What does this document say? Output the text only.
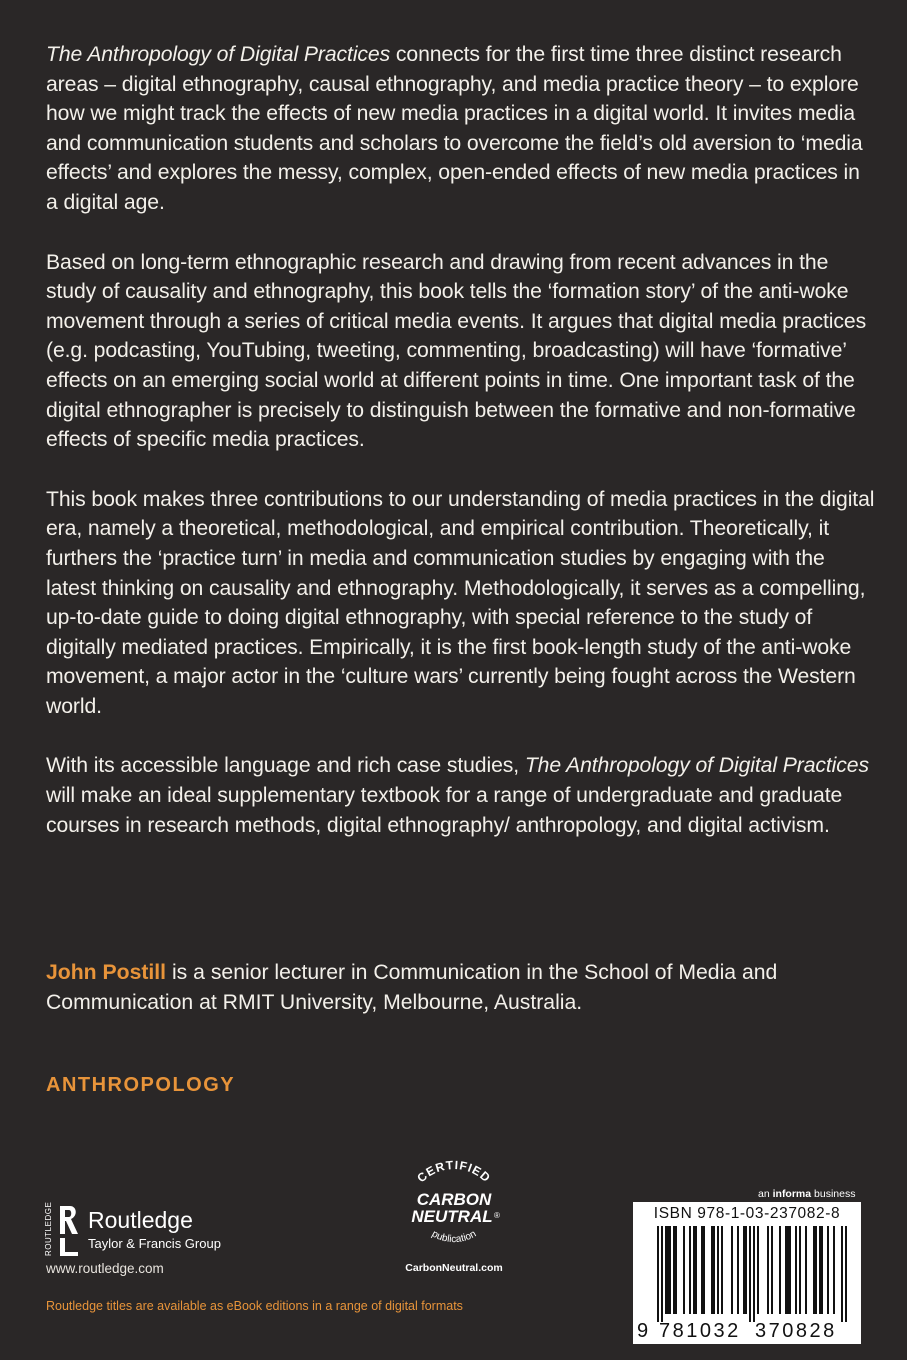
The Anthropology of Digital Practices connects for the first time three distinct research areas – digital ethnography, causal ethnography, and media practice theory – to explore how we might track the effects of new media practices in a digital world. It invites media and communication students and scholars to overcome the field’s old aversion to ‘media effects’ and explores the messy, complex, open-ended effects of new media practices in a digital age.

Based on long-term ethnographic research and drawing from recent advances in the study of causality and ethnography, this book tells the ‘formation story’ of the anti-woke movement through a series of critical media events. It argues that digital media practices (e.g. podcasting, YouTubing, tweeting, commenting, broadcasting) will have ‘formative’ effects on an emerging social world at different points in time. One important task of the digital ethnographer is precisely to distinguish between the formative and non-formative effects of specific media practices.

This book makes three contributions to our understanding of media practices in the digital era, namely a theoretical, methodological, and empirical contribution. Theoretically, it furthers the ‘practice turn’ in media and communication studies by engaging with the latest thinking on causality and ethnography. Methodologically, it serves as a compelling, up-to-date guide to doing digital ethnography, with special reference to the study of digitally mediated practices. Empirically, it is the first book-length study of the anti-woke movement, a major actor in the ‘culture wars’ currently being fought across the Western world.

With its accessible language and rich case studies, The Anthropology of Digital Practices will make an ideal supplementary textbook for a range of undergraduate and graduate courses in research methods, digital ethnography/ anthropology, and digital activism.

John Postill is a senior lecturer in Communication in the School of Media and Communication at RMIT University, Melbourne, Australia.
ANTHROPOLOGY
ROUTLEDGE Routledge
Taylor & Francis Group
www.routledge.com
Routledge titles are available as eBook editions in a range of digital formats
CERTIFIED
CARBON
NEUTRAL ®
publication
CarbonNeutral.com
an informa business
ISBN 978-1-03-237082-8
9 781032 370828
